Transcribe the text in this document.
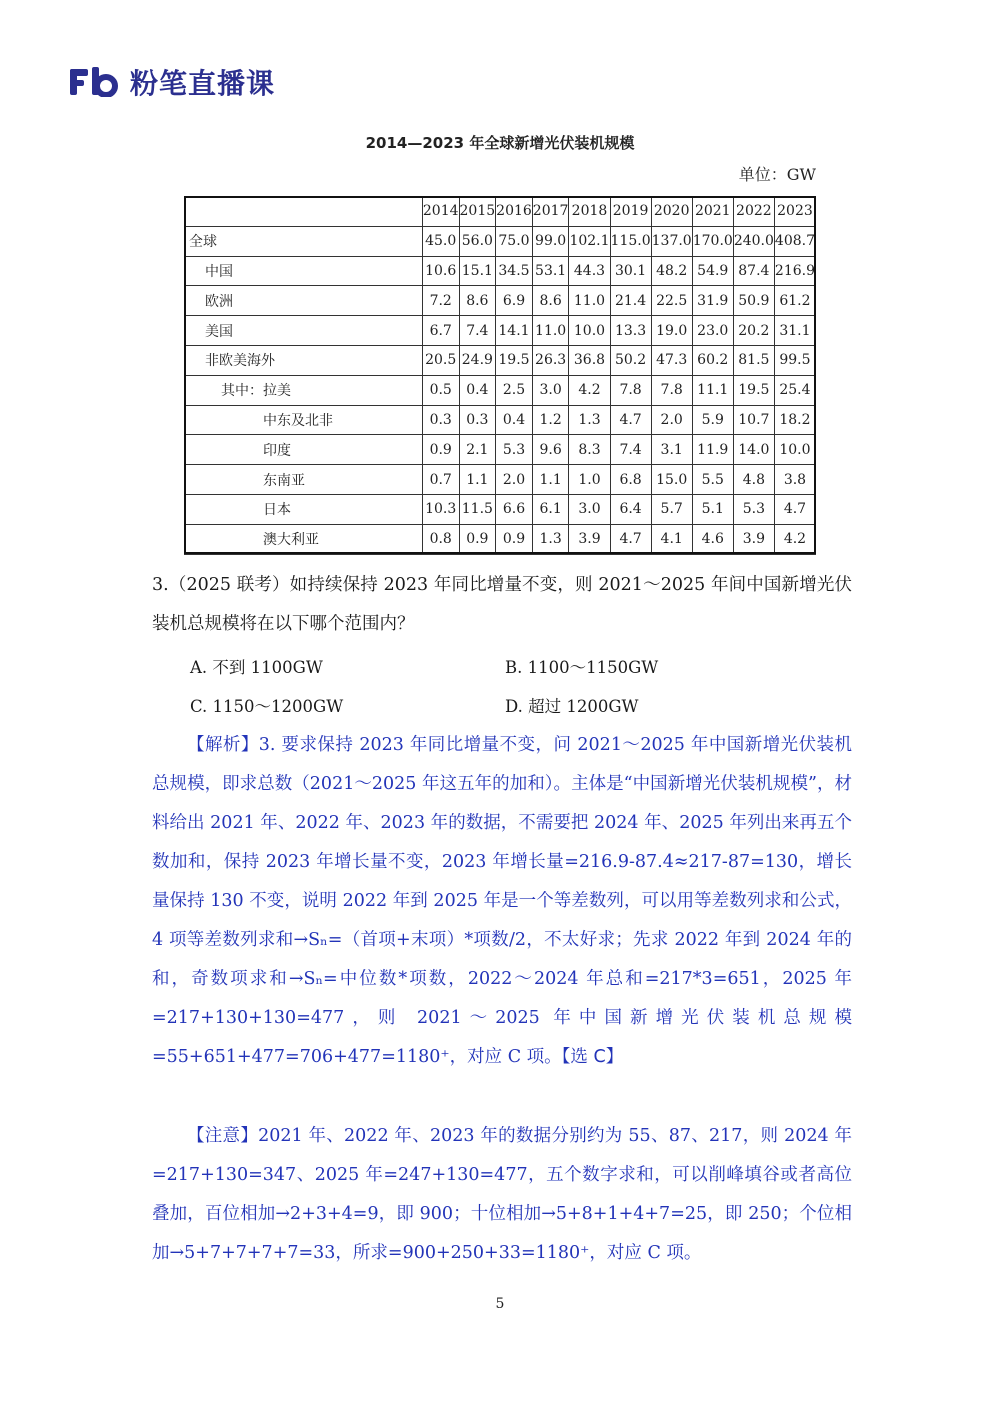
粉笔直播课
2014—2023 年全球新增光伏装机规模
单位：GW
	2014	2015	2016	2017	2018	2019	2020	2021	2022	2023
全球	45.0	56.0	75.0	99.0	102.1	115.0	137.0	170.0	240.0	408.7
中国	10.6	15.1	34.5	53.1	44.3	30.1	48.2	54.9	87.4	216.9
欧洲	7.2	8.6	6.9	8.6	11.0	21.4	22.5	31.9	50.9	61.2
美国	6.7	7.4	14.1	11.0	10.0	13.3	19.0	23.0	20.2	31.1
非欧美海外	20.5	24.9	19.5	26.3	36.8	50.2	47.3	60.2	81.5	99.5
其中：拉美	0.5	0.4	2.5	3.0	4.2	7.8	7.8	11.1	19.5	25.4
中东及北非	0.3	0.3	0.4	1.2	1.3	4.7	2.0	5.9	10.7	18.2
印度	0.9	2.1	5.3	9.6	8.3	7.4	3.1	11.9	14.0	10.0
东南亚	0.7	1.1	2.0	1.1	1.0	6.8	15.0	5.5	4.8	3.8
日本	10.3	11.5	6.6	6.1	3.0	6.4	5.7	5.1	5.3	4.7
澳大利亚	0.8	0.9	0.9	1.3	3.9	4.7	4.1	4.6	3.9	4.2
3.（2025 联考）如持续保持 2023 年同比增量不变，则 2021～2025 年间中国新增光伏装机总规模将在以下哪个范围内？
A. 不到 1100GW	B. 1100～1150GW
C. 1150～1200GW	D. 超过 1200GW
【解析】3. 要求保持 2023 年同比增量不变，问 2021～2025 年中国新增光伏装机总规模，即求总数（2021～2025 年这五年的加和）。主体是“中国新增光伏装机规模”，材料给出 2021 年、2022 年、2023 年的数据，不需要把 2024 年、2025 年列出来再五个数加和，保持 2023 年增长量不变，2023 年增长量=216.9-87.4≈217-87=130，增长量保持 130 不变，说明 2022 年到 2025 年是一个等差数列，可以用等差数列求和公式，4 项等差数列求和→Sₙ=（首项+末项）*项数/2，不太好求；先求 2022 年到 2024 年的和，奇数项求和→Sₙ=中位数*项数，2022～2024 年总和=217*3=651，2025 年=217+130+130=477，则 2021～2025 年中国新增光伏装机总规模=55+651+477=706+477=1180⁺，对应 C 项。【选 C】
【注意】2021 年、2022 年、2023 年的数据分别约为 55、87、217，则 2024 年=217+130=347、2025 年=247+130=477，五个数字求和，可以削峰填谷或者高位叠加，百位相加→2+3+4=9，即 900；十位相加→5+8+1+4+7=25，即 250；个位相加→5+7+7+7+7=33，所求=900+250+33=1180⁺，对应 C 项。
5
